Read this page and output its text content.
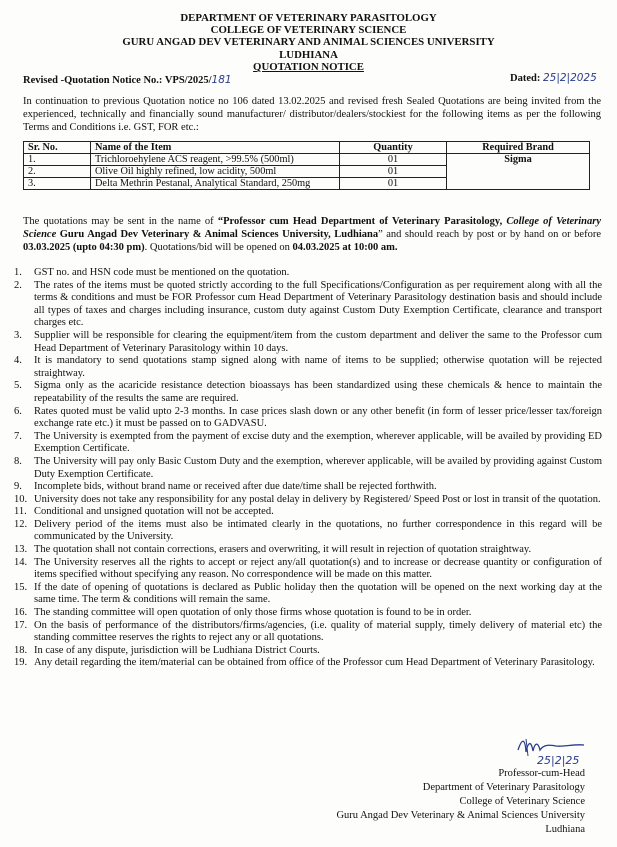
DEPARTMENT OF VETERINARY PARASITOLOGY
COLLEGE OF VETERINARY SCIENCE
GURU ANGAD DEV VETERINARY AND ANIMAL SCIENCES UNIVERSITY
LUDHIANA
QUOTATION NOTICE
Revised -Quotation Notice No.: VPS/2025/181	Dated: 25|2|2025
In continuation to previous Quotation notice no 106 dated 13.02.2025 and revised fresh Sealed Quotations are being invited from the experienced, technically and financially sound manufacturer/ distributor/dealers/stockiest for the following items as per the following Terms and Conditions i.e. GST, FOR etc.:
Sr. No.	Name of the Item	Quantity	Required Brand
1.	Trichloroehylene ACS reagent, >99.5% (500ml)	01	Sigma
2.	Olive Oil highly refined, low acidity, 500ml	01	
3.	Delta Methrin Pestanal, Analytical Standard, 250mg	01	
The quotations may be sent in the name of “Professor cum Head Department of Veterinary Parasitology, College of Veterinary Science Guru Angad Dev Veterinary & Animal Sciences University, Ludhiana” and should reach by post or by hand on or before 03.03.2025 (upto 04:30 pm). Quotations/bid will be opened on 04.03.2025 at 10:00 am.
1. GST no. and HSN code must be mentioned on the quotation.
2. The rates of the items must be quoted strictly according to the full Specifications/Configuration as per requirement along with all the terms & conditions and must be FOR Professor cum Head Department of Veterinary Parasitology destination basis and should include all types of taxes and charges including insurance, custom duty against Custom Duty Exemption Certificate, clearance and transport charges etc.
3. Supplier will be responsible for clearing the equipment/item from the custom department and deliver the same to the Professor cum Head Department of Veterinary Parasitology within 10 days.
4. It is mandatory to send quotations stamp signed along with name of items to be supplied; otherwise quotation will be rejected straightway.
5. Sigma only as the acaricide resistance detection bioassays has been standardized using these chemicals & hence to maintain the repeatability of the results the same are required.
6. Rates quoted must be valid upto 2-3 months. In case prices slash down or any other benefit (in form of lesser price/lesser tax/foreign exchange rate etc.) it must be passed on to GADVASU.
7. The University is exempted from the payment of excise duty and the exemption, wherever applicable, will be availed by providing ED Exemption Certificate.
8. The University will pay only Basic Custom Duty and the exemption, wherever applicable, will be availed by providing against Custom Duty Exemption Certificate.
9. Incomplete bids, without brand name or received after due date/time shall be rejected forthwith.
10. University does not take any responsibility for any postal delay in delivery by Registered/ Speed Post or lost in transit of the quotation.
11. Conditional and unsigned quotation will not be accepted.
12. Delivery period of the items must also be intimated clearly in the quotations, no further correspondence in this regard will be communicated by the University.
13. The quotation shall not contain corrections, erasers and overwriting, it will result in rejection of quotation straightway.
14. The University reserves all the rights to accept or reject any/all quotation(s) and to increase or decrease quantity or configuration of items specified without specifying any reason. No correspondence will be made on this matter.
15. If the date of opening of quotations is declared as Public holiday then the quotation will be opened on the next working day at the same time. The term & conditions will remain the same.
16. The standing committee will open quotation of only those firms whose quotation is found to be in order.
17. On the basis of performance of the distributors/firms/agencies, (i.e. quality of material supply, timely delivery of material etc) the standing committee reserves the rights to reject any or all quotations.
18. In case of any dispute, jurisdiction will be Ludhiana District Courts.
19. Any detail regarding the item/material can be obtained from office of the Professor cum Head Department of Veterinary Parasitology.
25|2|25
Professor-cum-Head
Department of Veterinary Parasitology
College of Veterinary Science
Guru Angad Dev Veterinary & Animal Sciences University
Ludhiana
